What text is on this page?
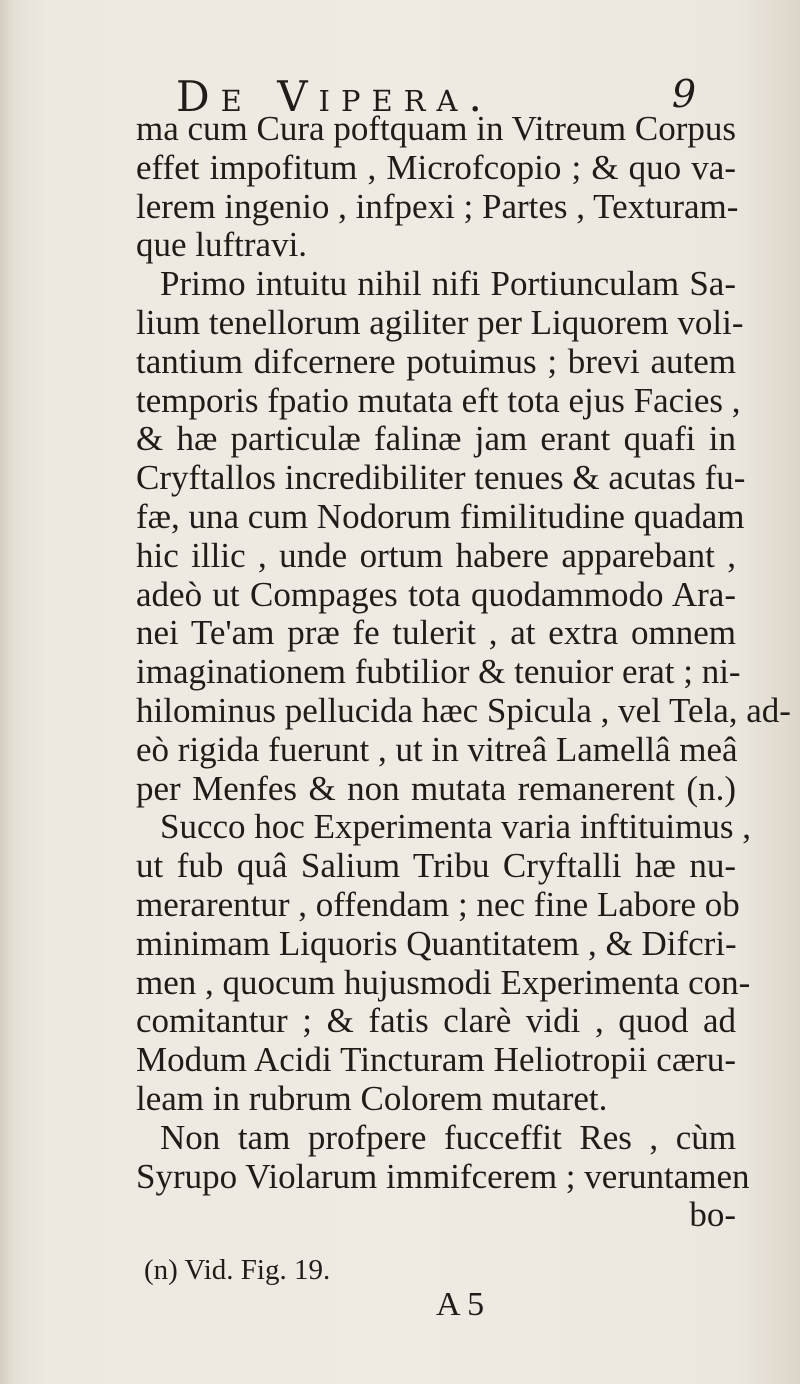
De Vipera.	9
ma cum Cura poftquam in Vitreum Corpus
effet impofitum , Microfcopio ; & quo va-
lerem ingenio , infpexi ; Partes , Texturam-
que luftravi.
Primo intuitu nihil nifi Portiunculam Sa-
lium tenellorum agiliter per Liquorem voli-
tantium difcernere potuimus ; brevi autem
temporis fpatio mutata eft tota ejus Facies ,
& hæ particulæ falinæ jam erant quafi in
Cryftallos incredibiliter tenues & acutas fu-
fæ, una cum Nodorum fimilitudine quadam
hic illic , unde ortum habere apparebant ,
adeò ut Compages tota quodammodo Ara-
nei Te'am præ fe tulerit , at extra omnem
imaginationem fubtilior & tenuior erat ; ni-
hilominus pellucida hæc Spicula , vel Tela, ad-
eò rigida fuerunt , ut in vitreâ Lamellâ meâ
per Menfes & non mutata remanerent (n.)
Succo hoc Experimenta varia inftituimus ,
ut fub quâ Salium Tribu Cryftalli hæ nu-
merarentur , offendam ; nec fine Labore ob
minimam Liquoris Quantitatem , & Difcri-
men , quocum hujusmodi Experimenta con-
comitantur ; & fatis clarè vidi , quod ad
Modum Acidi Tincturam Heliotropii cæru-
leam in rubrum Colorem mutaret.
Non tam profpere fucceffit Res , cùm
Syrupo Violarum immifcerem ; veruntamen
bo-
(n) Vid. Fig. 19.
A 5
